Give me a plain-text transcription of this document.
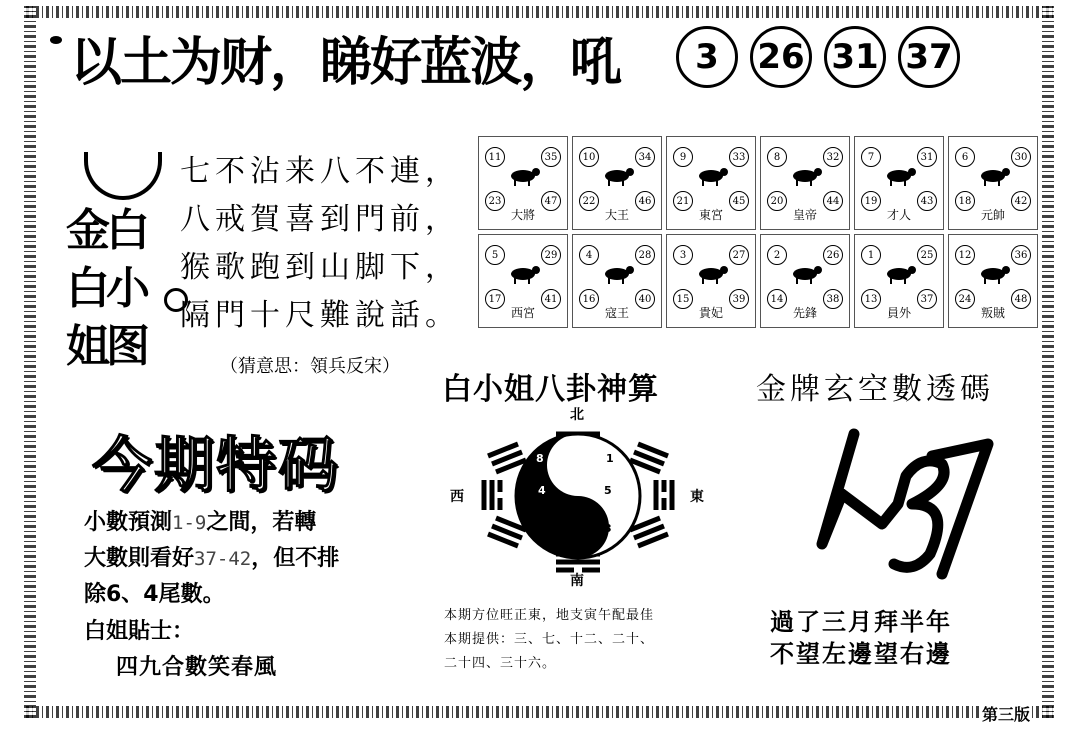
以土为财，睇好蓝波，吼	3	26 31 37
金白
白小
姐图
七不沾来八不連，
八戒賀喜到門前，
猴歌跑到山脚下，
隔門十尺難說話。
（猜意思：領兵反宋）
11	35
23	47
大將
10	34
22	46
大王
9	33
21	45
東宮
8	32
20	44
皇帝
7	31
19	43
才人
6	30
18	42
元帥
5	29
17	41
西宮
4	28
16	40
寇王
3	27
15	39
貴妃
2	26
14	38
先鋒
1	25
13	37
員外
12	36
24	48
叛賊
今期特码
小數預測1-9之間，若轉
大數則看好37-42，但不排
除6、4尾數。
白姐貼士：
四九合數笑春風
白小姐八卦神算	金牌玄空數透碼
北
南
西	東
8	1
4	5
0	3
本期方位旺正東，地支寅午配最佳
本期提供：三、七、十二、二十、
二十四、三十六。
過了三月拜半年
不望左邊望右邊
第三版
